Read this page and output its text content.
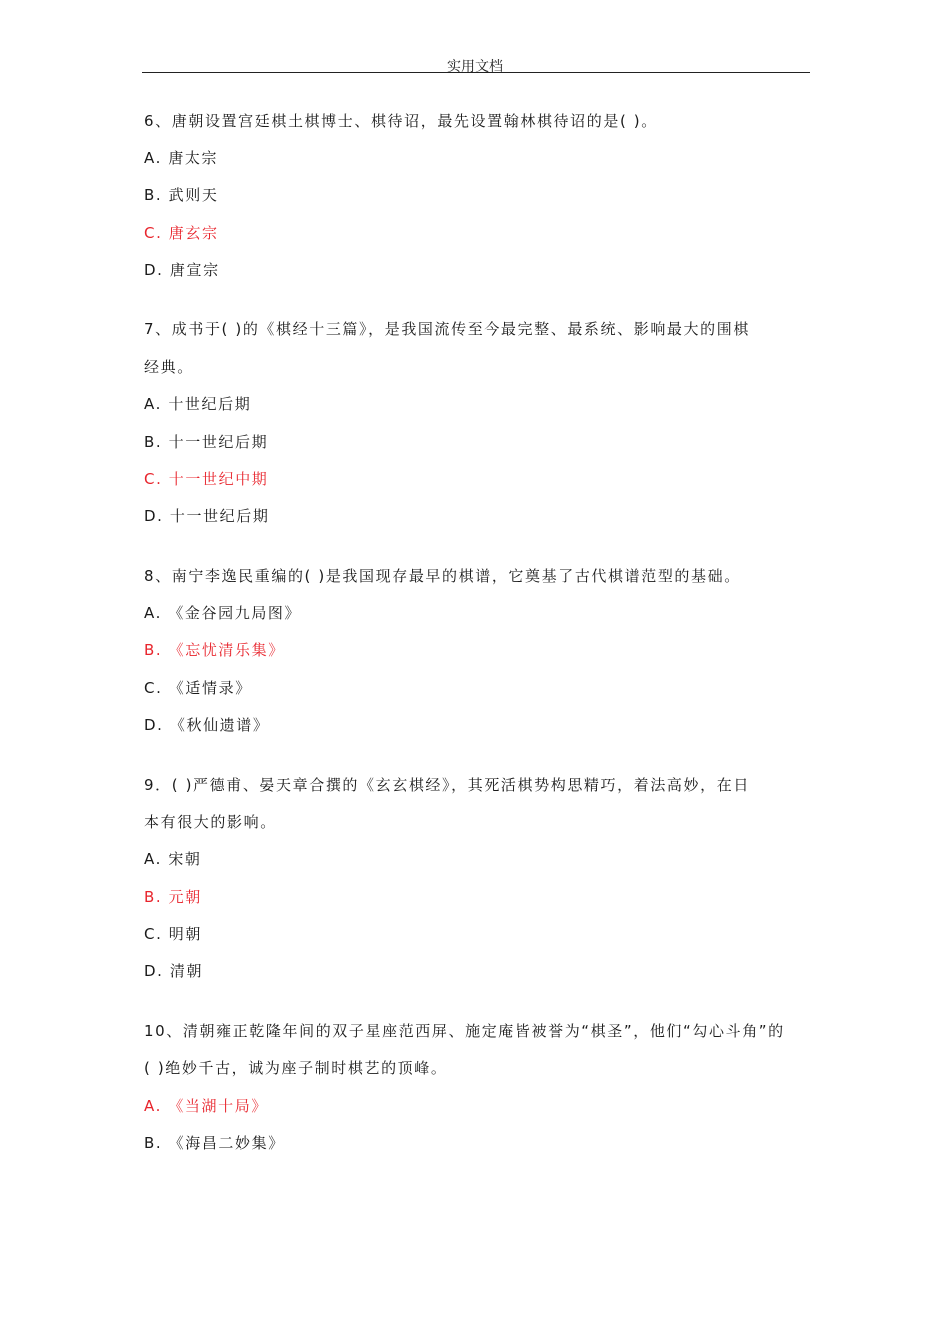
实用文档
6、唐朝设置宫廷棋土棋博士、棋待诏，最先设置翰林棋待诏的是( )。
A. 唐太宗
B. 武则天
C. 唐玄宗
D. 唐宣宗
7、成书于( )的《棋经十三篇》，是我国流传至今最完整、最系统、影响最大的围棋
经典。
A. 十世纪后期
B. 十一世纪后期
C. 十一世纪中期
D. 十一世纪后期
8、南宁李逸民重编的( )是我国现存最早的棋谱，它奠基了古代棋谱范型的基础。
A. 《金谷园九局图》
B. 《忘忧清乐集》
C. 《适情录》
D. 《秋仙遗谱》
9．( )严德甫、晏天章合撰的《玄玄棋经》，其死活棋势构思精巧，着法高妙，在日
本有很大的影响。
A. 宋朝
B. 元朝
C. 明朝
D. 清朝
10、清朝雍正乾隆年间的双子星座范西屏、施定庵皆被誉为“棋圣”，他们“勾心斗角”的
( )绝妙千古，诚为座子制时棋艺的顶峰。
A. 《当湖十局》
B. 《海昌二妙集》
